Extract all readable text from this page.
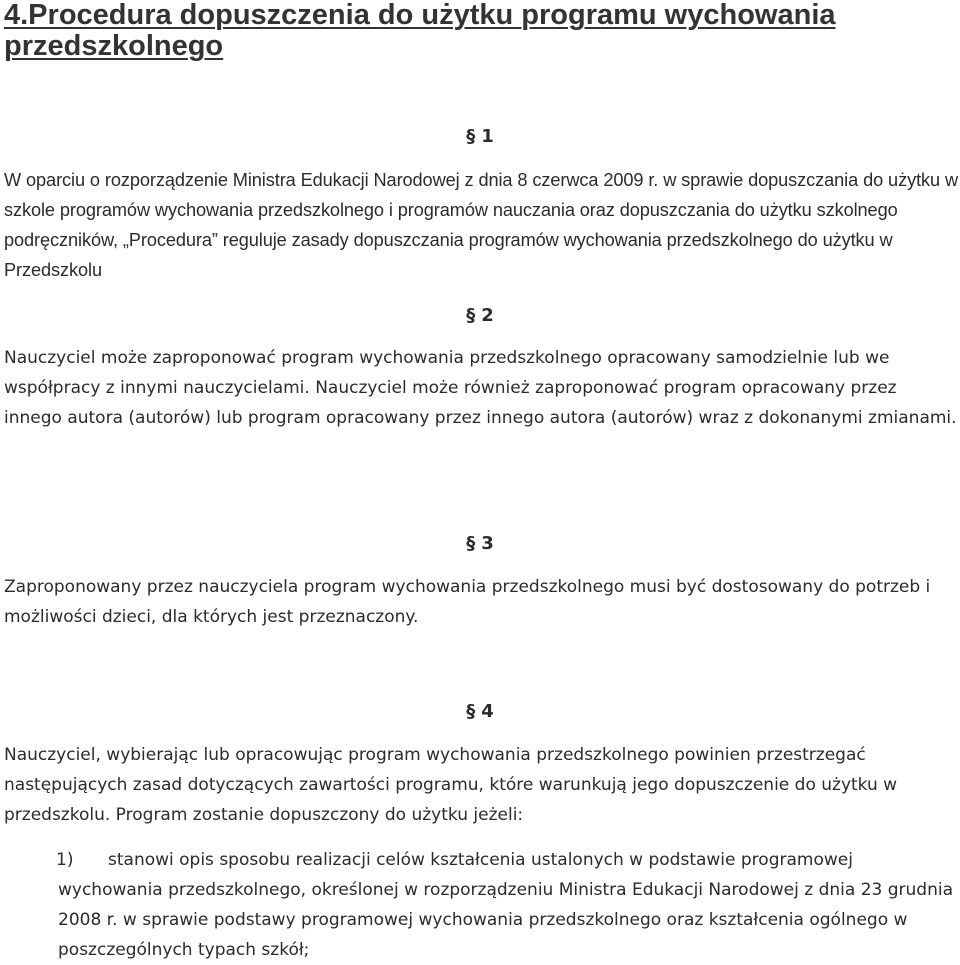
4.Procedura dopuszczenia do użytku programu wychowania przedszkolnego
§ 1

W oparciu o rozporządzenie Ministra Edukacji Narodowej z dnia 8 czerwca 2009 r. w sprawie dopuszczania do użytku w szkole programów wychowania przedszkolnego i programów nauczania oraz dopuszczania do użytku szkolnego podręczników, „Procedura” reguluje zasady dopuszczania programów wychowania przedszkolnego do użytku w Przedszkolu

§ 2

Nauczyciel może zaproponować program wychowania przedszkolnego opracowany samodzielnie lub we współpracy z innymi nauczycielami. Nauczyciel może również zaproponować program opracowany przez innego autora (autorów) lub program opracowany przez innego autora (autorów) wraz z dokonanymi zmianami.

§ 3

Zaproponowany przez nauczyciela program wychowania przedszkolnego musi być dostosowany do potrzeb i możliwości dzieci, dla których jest przeznaczony.

§ 4

Nauczyciel, wybierając lub opracowując program wychowania przedszkolnego powinien przestrzegać następujących zasad dotyczących zawartości programu, które warunkują jego dopuszczenie do użytku w przedszkolu. Program zostanie dopuszczony do użytku jeżeli:

1)	stanowi opis sposobu realizacji celów kształcenia ustalonych w podstawie programowej wychowania przedszkolnego, określonej w rozporządzeniu Ministra Edukacji Narodowej z dnia 23 grudnia 2008 r. w sprawie podstawy programowej wychowania przedszkolnego oraz kształcenia ogólnego w poszczególnych typach szkół;
